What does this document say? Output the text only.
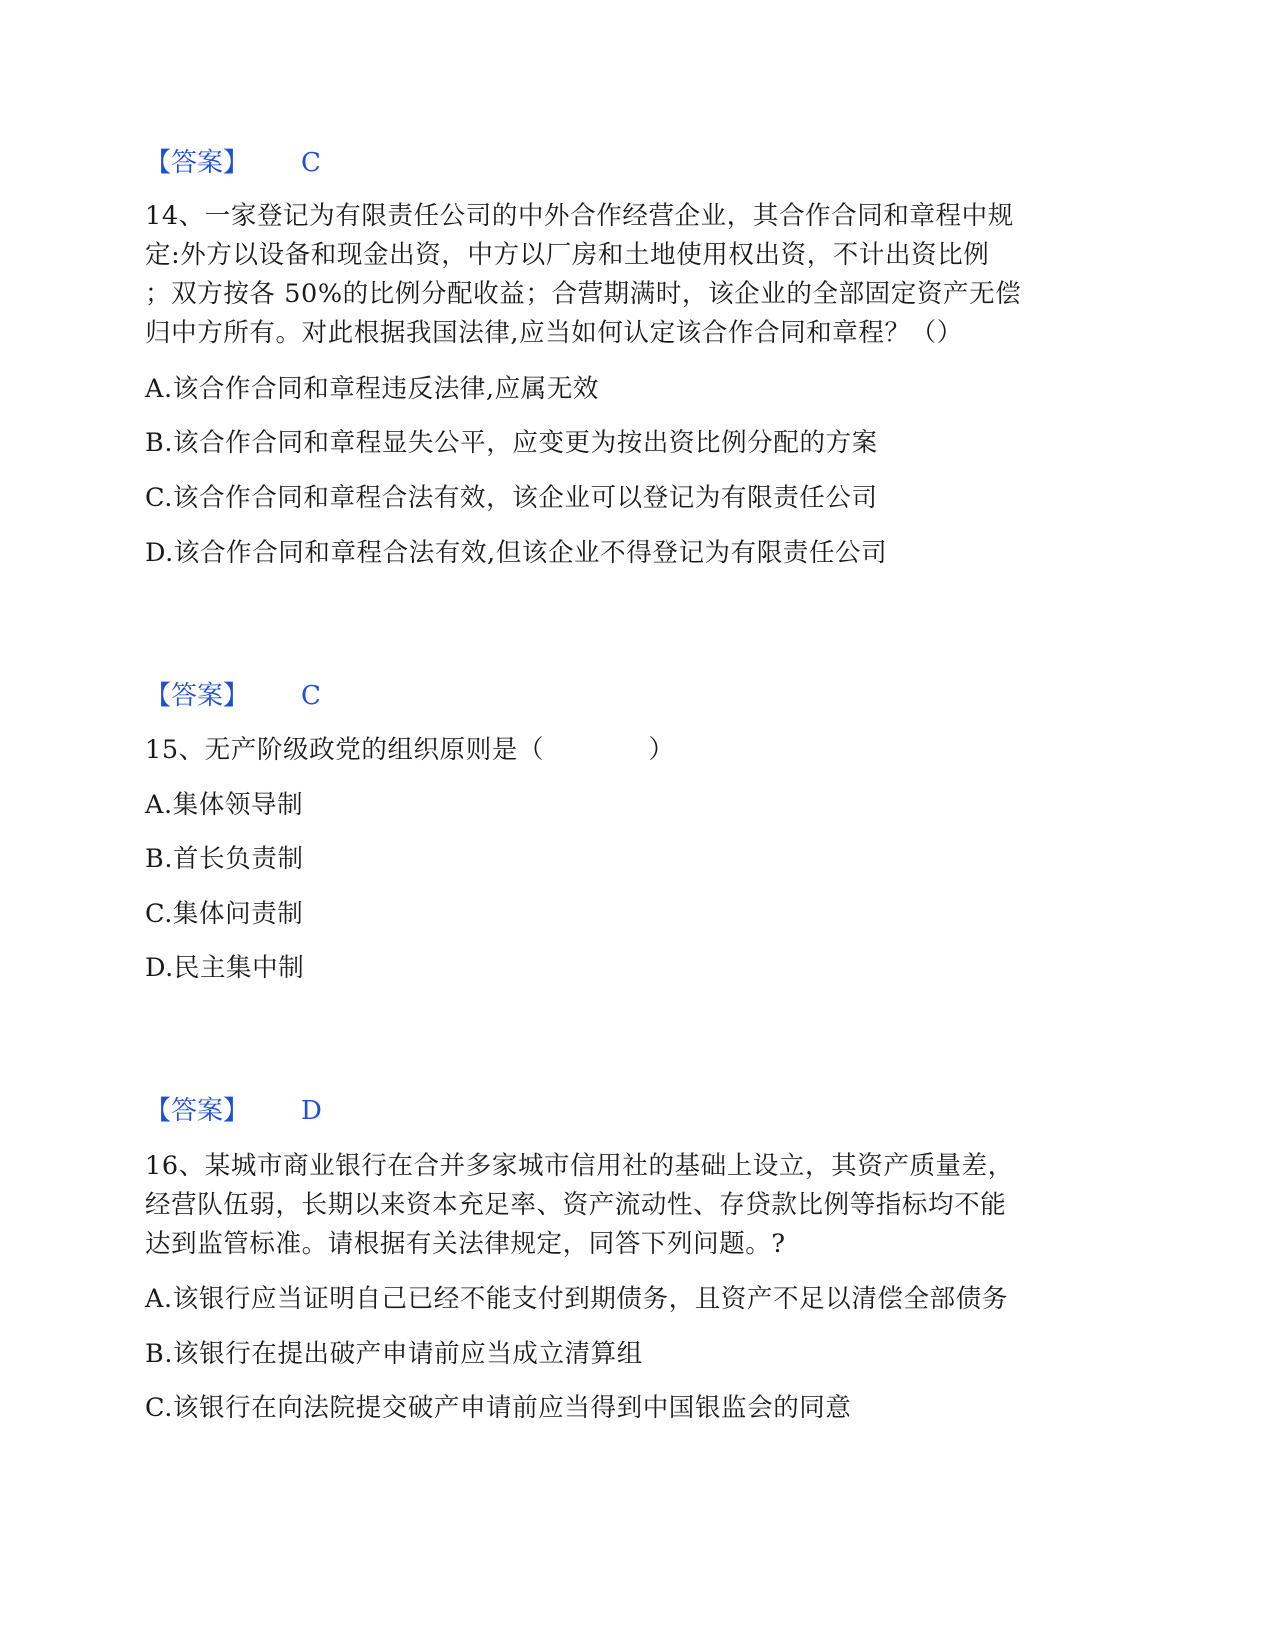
【答案】 C

14、一家登记为有限责任公司的中外合作经营企业，其合作合同和章程中规

定:外方以设备和现金出资，中方以厂房和土地使用权出资，不计出资比例

；双方按各 50%的比例分配收益；合营期满时，该企业的全部固定资产无偿

归中方所有。对此根据我国法律,应当如何认定该合作合同和章程？（）

A.该合作合同和章程违反法律,应属无效

B.该合作合同和章程显失公平，应变更为按出资比例分配的方案

C.该合作合同和章程合法有效，该企业可以登记为有限责任公司

D.该合作合同和章程合法有效,但该企业不得登记为有限责任公司

【答案】 C

15、无产阶级政党的组织原则是（　　　　）

A.集体领导制

B.首长负责制

C.集体问责制

D.民主集中制

【答案】 D

16、某城市商业银行在合并多家城市信用社的基础上设立，其资产质量差，

经营队伍弱，长期以来资本充足率、资产流动性、存贷款比例等指标均不能

达到监管标准。请根据有关法律规定，同答下列问题。?

A.该银行应当证明自己已经不能支付到期债务，且资产不足以清偿全部债务

B.该银行在提出破产申请前应当成立清算组

C.该银行在向法院提交破产申请前应当得到中国银监会的同意
